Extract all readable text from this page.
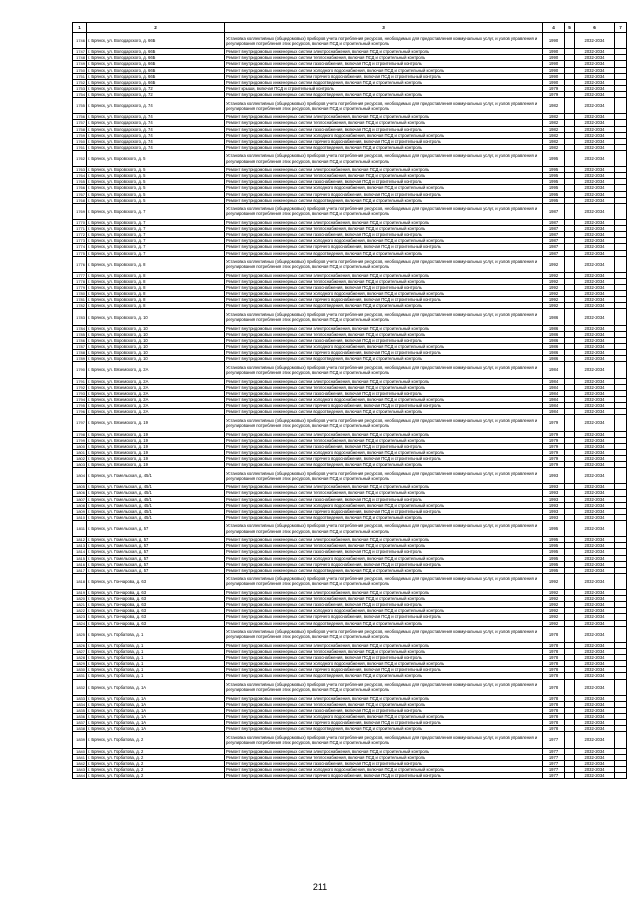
1	2	3	4	5	6	7
1746	г. Брянск, ул. Володарского, д. 66Б	Установка коллективных (общедомовых) приборов учета потребления ресурсов, необходимых для предоставления коммунальных услуг, и узлов управления и регулирования потребления этих ресурсов, включая ПСД и строительный контроль	1990		2032-2034	
1747	г. Брянск, ул. Володарского, д. 66Б	Ремонт внутридомовых инженерных систем электроснабжения, включая ПСД и строительный контроль	1990		2032-2034	
1748	г. Брянск, ул. Володарского, д. 66Б	Ремонт внутридомовых инженерных систем теплоснабжения, включая ПСД и строительный контроль	1990		2032-2034	
1749	г. Брянск, ул. Володарского, д. 66Б	Ремонт внутридомовых инженерных систем газоснабжения, включая ПСД и строительный контроль	1990		2032-2034	
1750	г. Брянск, ул. Володарского, д. 66Б	Ремонт внутридомовых инженерных систем холодного водоснабжения, включая ПСД и строительный контроль	1990		2032-2034	
1751	г. Брянск, ул. Володарского, д. 66Б	Ремонт внутридомовых инженерных систем горячего водоснабжения, включая ПСД и строительный контроль	1990		2032-2034	
1752	г. Брянск, ул. Володарского, д. 66Б	Ремонт внутридомовых инженерных систем водоотведения, включая ПСД и строительный контроль	1990		2032-2034	
1753	г. Брянск, ул. Володарского, д. 72	Ремонт крыши, включая ПСД и строительный контроль	1979		2032-2034	
1754	г. Брянск, ул. Володарского, д. 72	Ремонт внутридомовых инженерных систем водоотведения, включая ПСД и строительный контроль	1979		2032-2034	
1755	г. Брянск, ул. Володарского, д. 74	Установка коллективных (общедомовых) приборов учета потребления ресурсов, необходимых для предоставления коммунальных услуг, и узлов управления и регулирования потребления этих ресурсов, включая ПСД и строительный контроль	1982		2032-2034	
1756	г. Брянск, ул. Володарского, д. 74	Ремонт внутридомовых инженерных систем электроснабжения, включая ПСД и строительный контроль	1982		2032-2034	
1757	г. Брянск, ул. Володарского, д. 74	Ремонт внутридомовых инженерных систем теплоснабжения, включая ПСД и строительный контроль	1982		2032-2034	
1758	г. Брянск, ул. Володарского, д. 74	Ремонт внутридомовых инженерных систем газоснабжения, включая ПСД и строительный контроль	1982		2032-2034	
1759	г. Брянск, ул. Володарского, д. 74	Ремонт внутридомовых инженерных систем холодного водоснабжения, включая ПСД и строительный контроль	1982		2032-2034	
1760	г. Брянск, ул. Володарского, д. 74	Ремонт внутридомовых инженерных систем горячего водоснабжения, включая ПСД и строительный контроль	1982		2032-2034	
1761	г. Брянск, ул. Володарского, д. 74	Ремонт внутридомовых инженерных систем водоотведения, включая ПСД и строительный контроль	1982		2032-2034	
1762	г. Брянск, ул. Воровского, д. 5	Установка коллективных (общедомовых) приборов учета потребления ресурсов, необходимых для предоставления коммунальных услуг, и узлов управления и регулирования потребления этих ресурсов, включая ПСД и строительный контроль	1995		2032-2034	
1763	г. Брянск, ул. Воровского, д. 5	Ремонт внутридомовых инженерных систем электроснабжения, включая ПСД и строительный контроль	1995		2032-2034	
1764	г. Брянск, ул. Воровского, д. 5	Ремонт внутридомовых инженерных систем теплоснабжения, включая ПСД и строительный контроль	1995		2032-2034	
1765	г. Брянск, ул. Воровского, д. 5	Ремонт внутридомовых инженерных систем газоснабжения, включая ПСД и строительный контроль	1995		2032-2034	
1766	г. Брянск, ул. Воровского, д. 5	Ремонт внутридомовых инженерных систем холодного водоснабжения, включая ПСД и строительный контроль	1995		2032-2034	
1767	г. Брянск, ул. Воровского, д. 5	Ремонт внутридомовых инженерных систем горячего водоснабжения, включая ПСД и строительный контроль	1995		2032-2034	
1768	г. Брянск, ул. Воровского, д. 5	Ремонт внутридомовых инженерных систем водоотведения, включая ПСД и строительный контроль	1995		2032-2034	
1769	г. Брянск, ул. Воровского, д. 7	Установка коллективных (общедомовых) приборов учета потребления ресурсов, необходимых для предоставления коммунальных услуг, и узлов управления и регулирования потребления этих ресурсов, включая ПСД и строительный контроль	1987		2032-2034	
1770	г. Брянск, ул. Воровского, д. 7	Ремонт внутридомовых инженерных систем электроснабжения, включая ПСД и строительный контроль	1987		2032-2034	
1771	г. Брянск, ул. Воровского, д. 7	Ремонт внутридомовых инженерных систем теплоснабжения, включая ПСД и строительный контроль	1987		2032-2034	
1772	г. Брянск, ул. Воровского, д. 7	Ремонт внутридомовых инженерных систем газоснабжения, включая ПСД и строительный контроль	1987		2032-2034	
1773	г. Брянск, ул. Воровского, д. 7	Ремонт внутридомовых инженерных систем холодного водоснабжения, включая ПСД и строительный контроль	1987		2032-2034	
1774	г. Брянск, ул. Воровского, д. 7	Ремонт внутридомовых инженерных систем горячего водоснабжения, включая ПСД и строительный контроль	1987		2032-2034	
1775	г. Брянск, ул. Воровского, д. 7	Ремонт внутридомовых инженерных систем водоотведения, включая ПСД и строительный контроль	1987		2032-2034	
1776	г. Брянск, ул. Воровского, д. 8	Установка коллективных (общедомовых) приборов учета потребления ресурсов, необходимых для предоставления коммунальных услуг, и узлов управления и регулирования потребления этих ресурсов, включая ПСД и строительный контроль	1992		2032-2034	
1777	г. Брянск, ул. Воровского, д. 8	Ремонт внутридомовых инженерных систем электроснабжения, включая ПСД и строительный контроль	1992		2032-2034	
1778	г. Брянск, ул. Воровского, д. 8	Ремонт внутридомовых инженерных систем теплоснабжения, включая ПСД и строительный контроль	1992		2032-2034	
1779	г. Брянск, ул. Воровского, д. 8	Ремонт внутридомовых инженерных систем газоснабжения, включая ПСД и строительный контроль	1992		2032-2034	
1780	г. Брянск, ул. Воровского, д. 8	Ремонт внутридомовых инженерных систем холодного водоснабжения, включая ПСД и строительный контроль	1992		2032-2034	
1781	г. Брянск, ул. Воровского, д. 8	Ремонт внутридомовых инженерных систем горячего водоснабжения, включая ПСД и строительный контроль	1992		2032-2034	
1782	г. Брянск, ул. Воровского, д. 8	Ремонт внутридомовых инженерных систем водоотведения, включая ПСД и строительный контроль	1992		2032-2034	
1783	г. Брянск, ул. Воровского, д. 10	Установка коллективных (общедомовых) приборов учета потребления ресурсов, необходимых для предоставления коммунальных услуг, и узлов управления и регулирования потребления этих ресурсов, включая ПСД и строительный контроль	1986		2032-2034	
1784	г. Брянск, ул. Воровского, д. 10	Ремонт внутридомовых инженерных систем электроснабжения, включая ПСД и строительный контроль	1986		2032-2034	
1785	г. Брянск, ул. Воровского, д. 10	Ремонт внутридомовых инженерных систем теплоснабжения, включая ПСД и строительный контроль	1986		2032-2034	
1786	г. Брянск, ул. Воровского, д. 10	Ремонт внутридомовых инженерных систем газоснабжения, включая ПСД и строительный контроль	1986		2032-2034	
1787	г. Брянск, ул. Воровского, д. 10	Ремонт внутридомовых инженерных систем холодного водоснабжения, включая ПСД и строительный контроль	1986		2032-2034	
1788	г. Брянск, ул. Воровского, д. 10	Ремонт внутридомовых инженерных систем горячего водоснабжения, включая ПСД и строительный контроль	1986		2032-2034	
1789	г. Брянск, ул. Воровского, д. 10	Ремонт внутридомовых инженерных систем водоотведения, включая ПСД и строительный контроль	1986		2032-2034	
1790	г. Брянск, ул. Вяземского, д. 2А	Установка коллективных (общедомовых) приборов учета потребления ресурсов, необходимых для предоставления коммунальных услуг, и узлов управления и регулирования потребления этих ресурсов, включая ПСД и строительный контроль	1984		2032-2034	
1791	г. Брянск, ул. Вяземского, д. 2А	Ремонт внутридомовых инженерных систем электроснабжения, включая ПСД и строительный контроль	1984		2032-2034	
1792	г. Брянск, ул. Вяземского, д. 2А	Ремонт внутридомовых инженерных систем теплоснабжения, включая ПСД и строительный контроль	1984		2032-2034	
1793	г. Брянск, ул. Вяземского, д. 2А	Ремонт внутридомовых инженерных систем газоснабжения, включая ПСД и строительный контроль	1984		2032-2034	
1794	г. Брянск, ул. Вяземского, д. 2А	Ремонт внутридомовых инженерных систем холодного водоснабжения, включая ПСД и строительный контроль	1984		2032-2034	
1795	г. Брянск, ул. Вяземского, д. 2А	Ремонт внутридомовых инженерных систем горячего водоснабжения, включая ПСД и строительный контроль	1984		2032-2034	
1796	г. Брянск, ул. Вяземского, д. 2А	Ремонт внутридомовых инженерных систем водоотведения, включая ПСД и строительный контроль	1984		2032-2034	
1797	г. Брянск, ул. Вяземского, д. 19	Установка коллективных (общедомовых) приборов учета потребления ресурсов, необходимых для предоставления коммунальных услуг, и узлов управления и регулирования потребления этих ресурсов, включая ПСД и строительный контроль	1979		2032-2034	
1798	г. Брянск, ул. Вяземского, д. 19	Ремонт внутридомовых инженерных систем электроснабжения, включая ПСД и строительный контроль	1979		2032-2034	
1799	г. Брянск, ул. Вяземского, д. 19	Ремонт внутридомовых инженерных систем теплоснабжения, включая ПСД и строительный контроль	1979		2032-2034	
1800	г. Брянск, ул. Вяземского, д. 19	Ремонт внутридомовых инженерных систем газоснабжения, включая ПСД и строительный контроль	1979		2032-2034	
1801	г. Брянск, ул. Вяземского, д. 19	Ремонт внутридомовых инженерных систем холодного водоснабжения, включая ПСД и строительный контроль	1979		2032-2034	
1802	г. Брянск, ул. Вяземского, д. 19	Ремонт внутридомовых инженерных систем горячего водоснабжения, включая ПСД и строительный контроль	1979		2032-2034	
1803	г. Брянск, ул. Вяземского, д. 19	Ремонт внутридомовых инженерных систем водоотведения, включая ПСД и строительный контроль	1979		2032-2034	
1804	г. Брянск, ул. Гомельская, д. 45/1	Установка коллективных (общедомовых) приборов учета потребления ресурсов, необходимых для предоставления коммунальных услуг, и узлов управления и регулирования потребления этих ресурсов, включая ПСД и строительный контроль	1993		2032-2034	
1805	г. Брянск, ул. Гомельская, д. 45/1	Ремонт внутридомовых инженерных систем электроснабжения, включая ПСД и строительный контроль	1993		2032-2034	
1806	г. Брянск, ул. Гомельская, д. 45/1	Ремонт внутридомовых инженерных систем теплоснабжения, включая ПСД и строительный контроль	1993		2032-2034	
1807	г. Брянск, ул. Гомельская, д. 45/1	Ремонт внутридомовых инженерных систем газоснабжения, включая ПСД и строительный контроль	1993		2032-2034	
1808	г. Брянск, ул. Гомельская, д. 45/1	Ремонт внутридомовых инженерных систем холодного водоснабжения, включая ПСД и строительный контроль	1993		2032-2034	
1809	г. Брянск, ул. Гомельская, д. 45/1	Ремонт внутридомовых инженерных систем горячего водоснабжения, включая ПСД и строительный контроль	1993		2032-2034	
1810	г. Брянск, ул. Гомельская, д. 45/1	Ремонт внутридомовых инженерных систем водоотведения, включая ПСД и строительный контроль	1993		2032-2034	
1811	г. Брянск, ул. Гомельская, д. 57	Установка коллективных (общедомовых) приборов учета потребления ресурсов, необходимых для предоставления коммунальных услуг, и узлов управления и регулирования потребления этих ресурсов, включая ПСД и строительный контроль	1995		2032-2034	
1812	г. Брянск, ул. Гомельская, д. 57	Ремонт внутридомовых инженерных систем электроснабжения, включая ПСД и строительный контроль	1995		2032-2034	
1813	г. Брянск, ул. Гомельская, д. 57	Ремонт внутридомовых инженерных систем теплоснабжения, включая ПСД и строительный контроль	1995		2032-2034	
1814	г. Брянск, ул. Гомельская, д. 57	Ремонт внутридомовых инженерных систем газоснабжения, включая ПСД и строительный контроль	1995		2032-2034	
1815	г. Брянск, ул. Гомельская, д. 57	Ремонт внутридомовых инженерных систем холодного водоснабжения, включая ПСД и строительный контроль	1995		2032-2034	
1816	г. Брянск, ул. Гомельская, д. 57	Ремонт внутридомовых инженерных систем горячего водоснабжения, включая ПСД и строительный контроль	1995		2032-2034	
1817	г. Брянск, ул. Гомельская, д. 57	Ремонт внутридомовых инженерных систем водоотведения, включая ПСД и строительный контроль	1995		2032-2034	
1818	г. Брянск, ул. Гончарова, д. 63	Установка коллективных (общедомовых) приборов учета потребления ресурсов, необходимых для предоставления коммунальных услуг, и узлов управления и регулирования потребления этих ресурсов, включая ПСД и строительный контроль	1992		2032-2034	
1819	г. Брянск, ул. Гончарова, д. 63	Ремонт внутридомовых инженерных систем электроснабжения, включая ПСД и строительный контроль	1992		2032-2034	
1820	г. Брянск, ул. Гончарова, д. 63	Ремонт внутридомовых инженерных систем теплоснабжения, включая ПСД и строительный контроль	1992		2032-2034	
1821	г. Брянск, ул. Гончарова, д. 63	Ремонт внутридомовых инженерных систем газоснабжения, включая ПСД и строительный контроль	1992		2032-2034	
1822	г. Брянск, ул. Гончарова, д. 63	Ремонт внутридомовых инженерных систем холодного водоснабжения, включая ПСД и строительный контроль	1992		2032-2034	
1823	г. Брянск, ул. Гончарова, д. 63	Ремонт внутридомовых инженерных систем горячего водоснабжения, включая ПСД и строительный контроль	1992		2032-2034	
1824	г. Брянск, ул. Гончарова, д. 63	Ремонт внутридомовых инженерных систем водоотведения, включая ПСД и строительный контроль	1992		2032-2034	
1825	г. Брянск, ул. Горбатова, д. 1	Установка коллективных (общедомовых) приборов учета потребления ресурсов, необходимых для предоставления коммунальных услуг, и узлов управления и регулирования потребления этих ресурсов, включая ПСД и строительный контроль	1978		2032-2034	
1826	г. Брянск, ул. Горбатова, д. 1	Ремонт внутридомовых инженерных систем электроснабжения, включая ПСД и строительный контроль	1978		2032-2034	
1827	г. Брянск, ул. Горбатова, д. 1	Ремонт внутридомовых инженерных систем теплоснабжения, включая ПСД и строительный контроль	1978		2032-2034	
1828	г. Брянск, ул. Горбатова, д. 1	Ремонт внутридомовых инженерных систем газоснабжения, включая ПСД и строительный контроль	1978		2032-2034	
1829	г. Брянск, ул. Горбатова, д. 1	Ремонт внутридомовых инженерных систем холодного водоснабжения, включая ПСД и строительный контроль	1978		2032-2034	
1830	г. Брянск, ул. Горбатова, д. 1	Ремонт внутридомовых инженерных систем горячего водоснабжения, включая ПСД и строительный контроль	1978		2032-2034	
1831	г. Брянск, ул. Горбатова, д. 1	Ремонт внутридомовых инженерных систем водоотведения, включая ПСД и строительный контроль	1978		2032-2034	
1832	г. Брянск, ул. Горбатова, д. 1А	Установка коллективных (общедомовых) приборов учета потребления ресурсов, необходимых для предоставления коммунальных услуг, и узлов управления и регулирования потребления этих ресурсов, включая ПСД и строительный контроль	1978		2032-2034	
1833	г. Брянск, ул. Горбатова, д. 1А	Ремонт внутридомовых инженерных систем электроснабжения, включая ПСД и строительный контроль	1978		2032-2034	
1834	г. Брянск, ул. Горбатова, д. 1А	Ремонт внутридомовых инженерных систем теплоснабжения, включая ПСД и строительный контроль	1978		2032-2034	
1835	г. Брянск, ул. Горбатова, д. 1А	Ремонт внутридомовых инженерных систем газоснабжения, включая ПСД и строительный контроль	1978		2032-2034	
1836	г. Брянск, ул. Горбатова, д. 1А	Ремонт внутридомовых инженерных систем холодного водоснабжения, включая ПСД и строительный контроль	1978		2032-2034	
1837	г. Брянск, ул. Горбатова, д. 1А	Ремонт внутридомовых инженерных систем горячего водоснабжения, включая ПСД и строительный контроль	1978		2032-2034	
1838	г. Брянск, ул. Горбатова, д. 1А	Ремонт внутридомовых инженерных систем водоотведения, включая ПСД и строительный контроль	1978		2032-2034	
1839	г. Брянск, ул. Горбатова, д. 2	Установка коллективных (общедомовых) приборов учета потребления ресурсов, необходимых для предоставления коммунальных услуг, и узлов управления и регулирования потребления этих ресурсов, включая ПСД и строительный контроль	1977		2032-2034	
1840	г. Брянск, ул. Горбатова, д. 2	Ремонт внутридомовых инженерных систем электроснабжения, включая ПСД и строительный контроль	1977		2032-2034	
1841	г. Брянск, ул. Горбатова, д. 2	Ремонт внутридомовых инженерных систем теплоснабжения, включая ПСД и строительный контроль	1977		2032-2034	
1842	г. Брянск, ул. Горбатова, д. 2	Ремонт внутридомовых инженерных систем газоснабжения, включая ПСД и строительный контроль	1977		2032-2034	
1843	г. Брянск, ул. Горбатова, д. 2	Ремонт внутридомовых инженерных систем холодного водоснабжения, включая ПСД и строительный контроль	1977		2032-2034	
1844	г. Брянск, ул. Горбатова, д. 2	Ремонт внутридомовых инженерных систем горячего водоснабжения, включая ПСД и строительный контроль	1977		2032-2034	
211
